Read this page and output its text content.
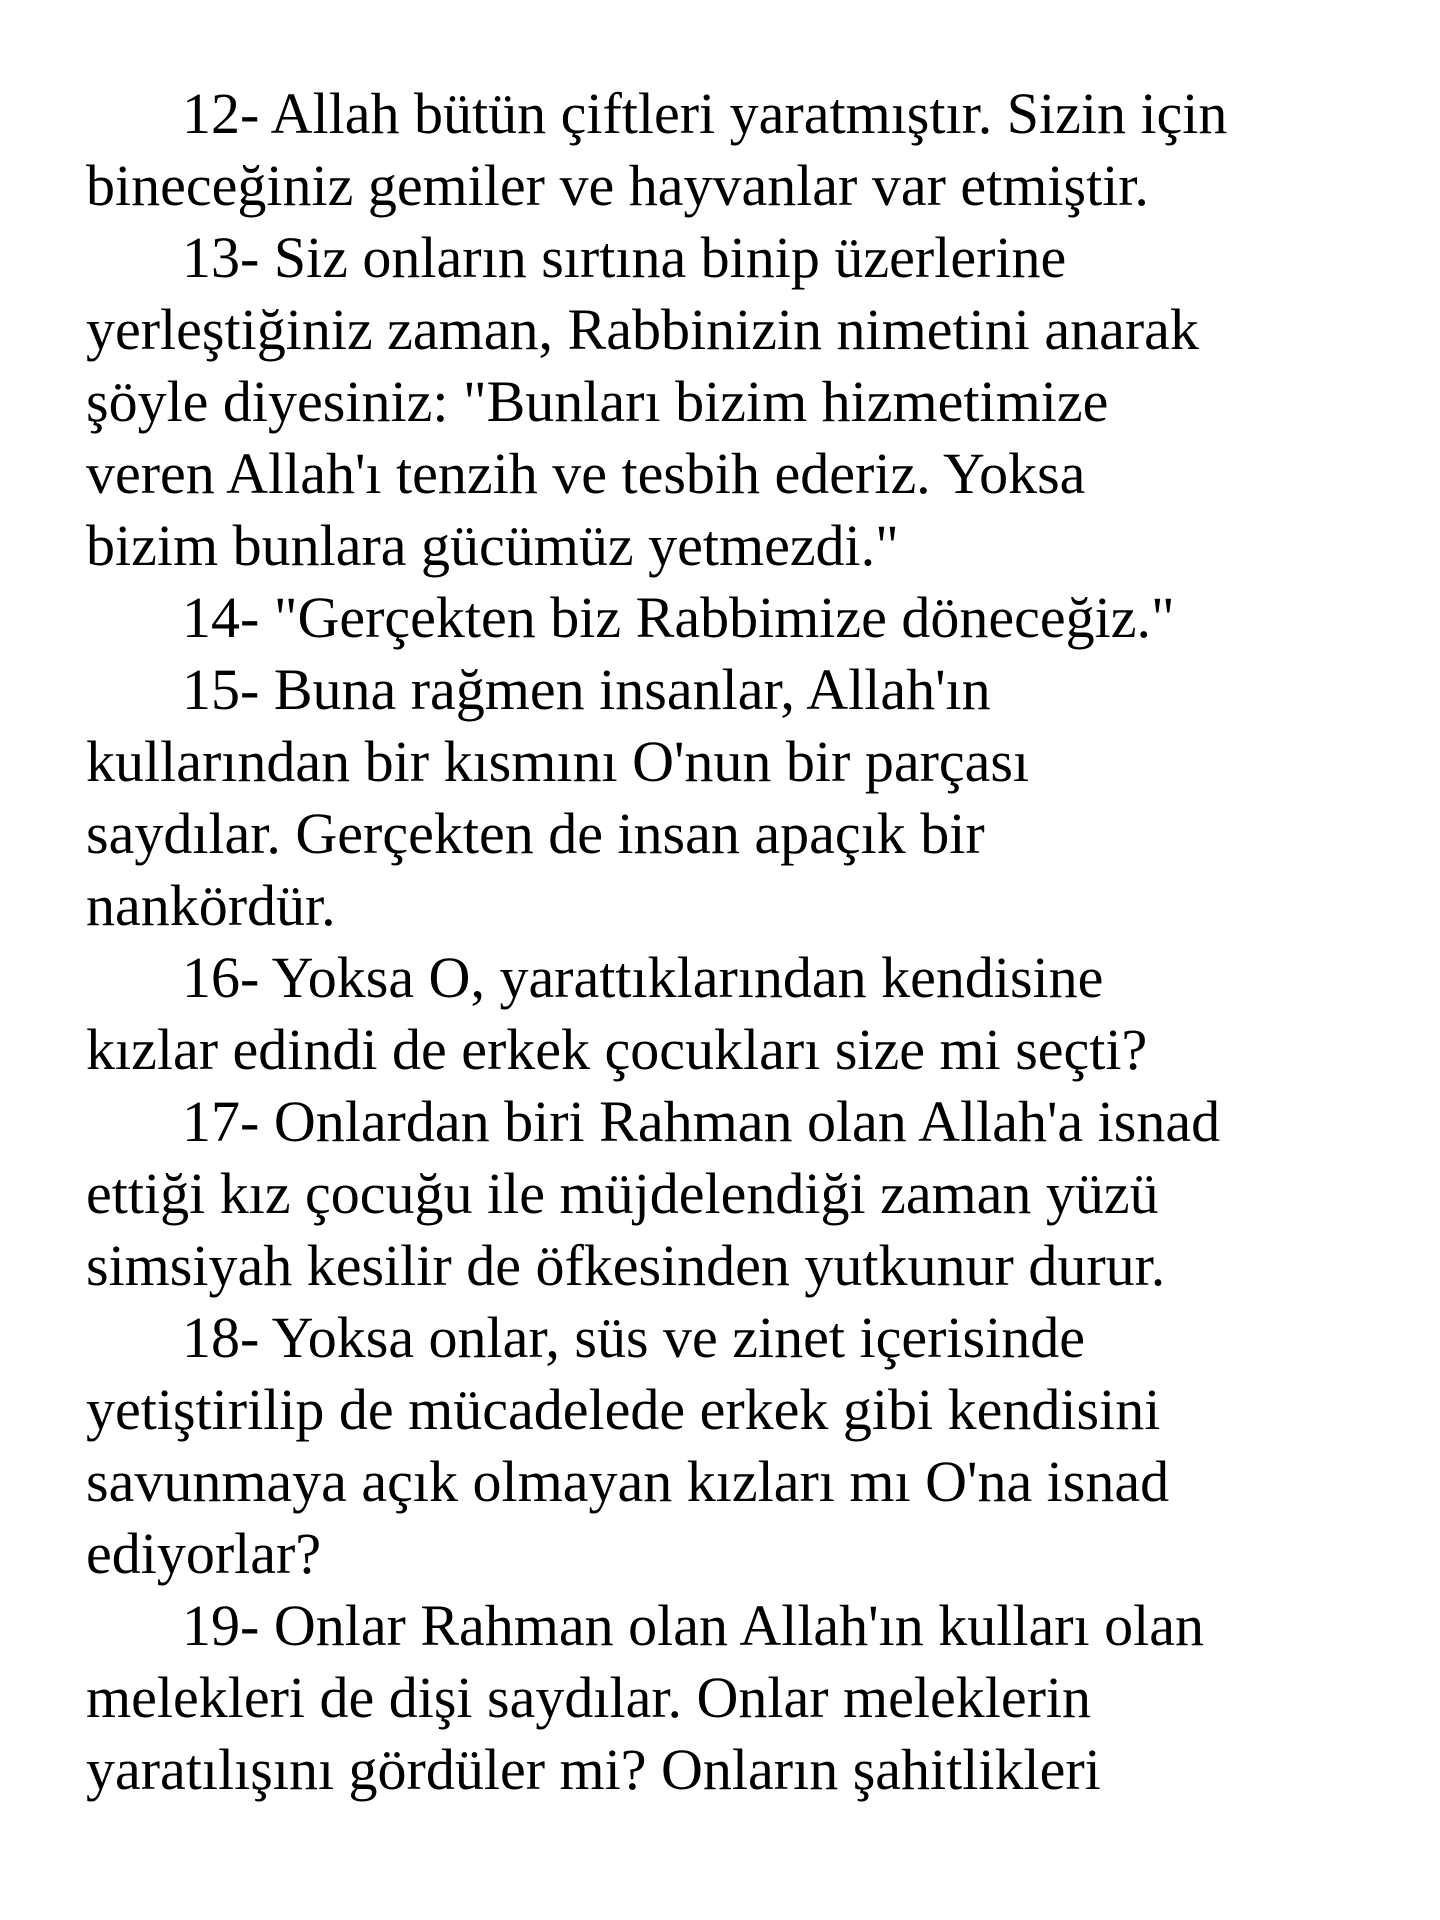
12- Allah bütün çiftleri yaratmıştır. Sizin için
bineceğiniz gemiler ve hayvanlar var etmiştir.
13- Siz onların sırtına binip üzerlerine
yerleştiğiniz zaman, Rabbinizin nimetini anarak
şöyle diyesiniz: "Bunları bizim hizmetimize
veren Allah'ı tenzih ve tesbih ederiz. Yoksa
bizim bunlara gücümüz yetmezdi."
14- "Gerçekten biz Rabbimize döneceğiz."
15- Buna rağmen insanlar, Allah'ın
kullarından bir kısmını O'nun bir parçası
saydılar. Gerçekten de insan apaçık bir
nankördür.
16- Yoksa O, yarattıklarından kendisine
kızlar edindi de erkek çocukları size mi seçti?
17- Onlardan biri Rahman olan Allah'a isnad
ettiği kız çocuğu ile müjdelendiği zaman yüzü
simsiyah kesilir de öfkesinden yutkunur durur.
18- Yoksa onlar, süs ve zinet içerisinde
yetiştirilip de mücadelede erkek gibi kendisini
savunmaya açık olmayan kızları mı O'na isnad
ediyorlar?
19- Onlar Rahman olan Allah'ın kulları olan
melekleri de dişi saydılar. Onlar meleklerin
yaratılışını gördüler mi? Onların şahitlikleri
